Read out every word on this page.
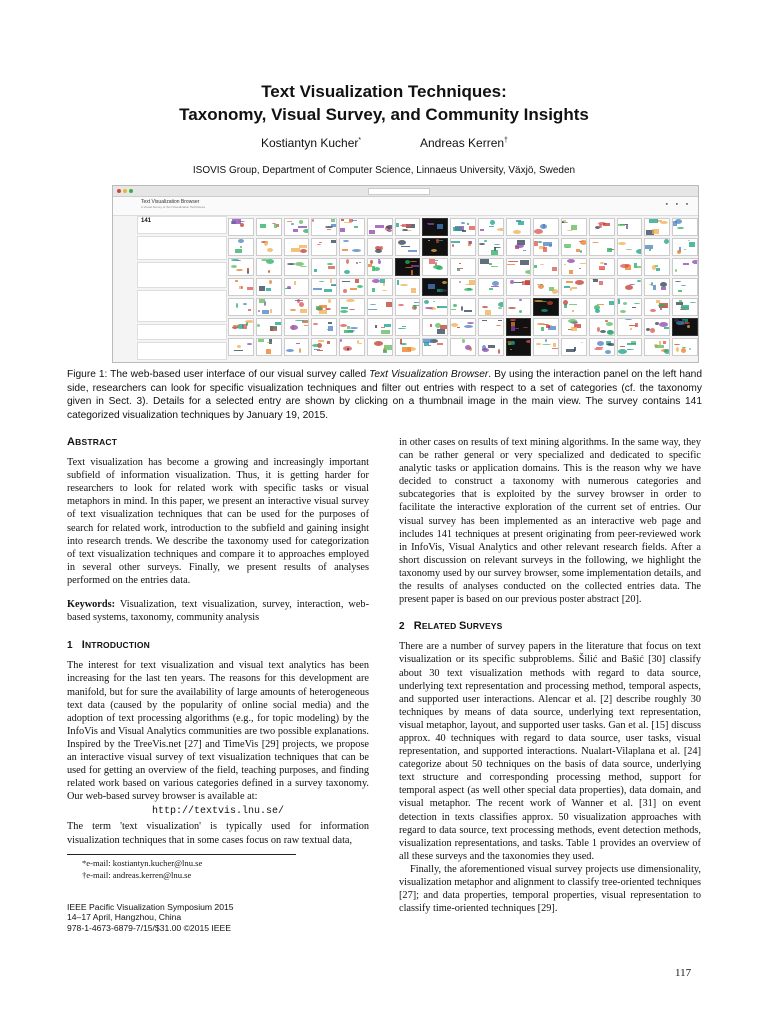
Text Visualization Techniques:
Taxonomy, Visual Survey, and Community Insights
Kostiantyn Kucher*	Andreas Kerren†
ISOVIS Group, Department of Computer Science, Linnaeus University, Växjö, Sweden
Text Visualization Browser
A Visual Survey of Text Visualization Techniques
■ ■ ■
141
Figure 1: The web-based user interface of our visual survey called Text Visualization Browser. By using the interaction panel on the left hand side, researchers can look for specific visualization techniques and filter out entries with respect to a set of categories (cf. the taxonomy given in Sect. 3). Details for a selected entry are shown by clicking on a thumbnail image in the main view. The survey contains 141 categorized visualization techniques by January 19, 2015.
ABSTRACT

Text visualization has become a growing and increasingly important subfield of information visualization. Thus, it is getting harder for researchers to look for related work with specific tasks or visual metaphors in mind. In this paper, we present an interactive visual survey of text visualization techniques that can be used for the purposes of search for related work, introduction to the subfield and gaining insight into research trends. We describe the taxonomy used for categorization of text visualization techniques and compare it to approaches employed in several other surveys. Finally, we present results of analyses performed on the entries data.

Keywords: Visualization, text visualization, survey, interaction, web-based systems, taxonomy, community analysis

1   INTRODUCTION

The interest for text visualization and visual text analytics has been increasing for the last ten years. The reasons for this development are manifold, but for sure the availability of large amounts of heterogeneous text data (caused by the popularity of online social media) and the adoption of text processing algorithms (e.g., for topic modeling) by the InfoVis and Visual Analytics communities are two possible explanations. Inspired by the TreeVis.net [27] and TimeVis [29] projects, we propose an interactive visual survey of text visualization techniques that can be used for getting an overview of the field, teaching purposes, and finding related work based on various categories defined in a survey taxonomy. Our web-based survey browser is available at:

http://textvis.lnu.se/

The term 'text visualization' is typically used for information visualization techniques that in some cases focus on raw textual data,

in other cases on results of text mining algorithms. In the same way, they can be rather general or very specialized and dedicated to specific analytic tasks or application domains. This is the reason why we have decided to construct a taxonomy with numerous categories and subcategories that is exploited by the survey browser in order to facilitate the interactive exploration of the current set of entries. Our visual survey has been implemented as an interactive web page and includes 141 techniques at present originating from peer-reviewed work in InfoVis, Visual Analytics and other relevant research fields. After a short discussion on relevant surveys in the following, we highlight the taxonomy used by our survey browser, some implementation details, and the results of analyses conducted on the collected entries data. The present paper is based on our previous poster abstract [20].

2   RELATED SURVEYS

There are a number of survey papers in the literature that focus on text visualization or its specific subproblems. Šilić and Bašić [30] classify about 30 text visualization methods with regard to data source, underlying text representation and processing method, temporal aspects, and supported user interactions. Alencar et al. [2] describe roughly 30 techniques by means of data source, underlying text representation, visual metaphor, layout, and supported user tasks. Gan et al. [15] discuss approx. 40 techniques with regard to data source, user tasks, visual representation, and supported interactions. Nualart-Vilaplana et al. [24] categorize about 50 techniques on the basis of data source, underlying text structure and corresponding processing method, support for temporal aspect (as well other special data properties), data domain, and visual metaphor. The recent work of Wanner et al. [31] on event detection in texts classifies approx. 50 visualization approaches with regard to data source, text processing methods, event detection methods, visualization representations, and tasks. Table 1 provides an overview of all these surveys and the taxonomies they used.

Finally, the aforementioned visual survey projects use dimensionality, visualization metaphor and alignment to classify tree-oriented techniques [27]; and data properties, temporal properties, visual representation to classify time-oriented techniques [29].

*e-mail: kostiantyn.kucher@lnu.se
†e-mail: andreas.kerren@lnu.se
IEEE Pacific Visualization Symposium 2015
14–17 April, Hangzhou, China
978-1-4673-6879-7/15/$31.00 ©2015 IEEE
117
